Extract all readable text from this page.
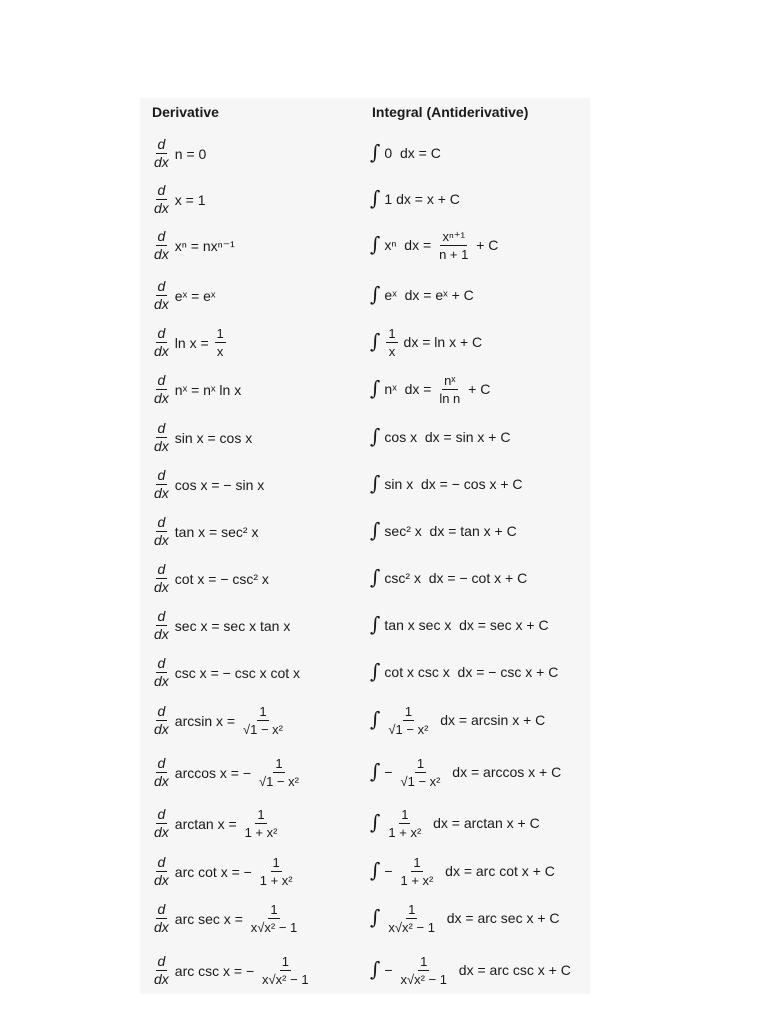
Derivative	Integral (Antiderivative)
$\frac{d}{dx}$ n = 0	∫ 0  dx = C
$\frac{d}{dx}$ x = 1	∫ 1 dx = x + C
$\frac{d}{dx}$ xⁿ = nxⁿ⁻¹	∫ xⁿ  dx = $\frac{\text{xⁿ⁺¹}}{n + 1} + C$
$\frac{d}{dx}$ eˣ = eˣ	∫ eˣ  dx = eˣ + C
$\frac{d}{dx}$ $\ln x = \frac{1}{x}$	∫ $\frac{1}{x}$ dx = ln x + C
$\frac{d}{dx}$ nˣ = nˣ ln x	∫ nˣ  dx = $\frac{\text{nˣ}}{\text{ln n}} + C$
$\frac{d}{dx}$ sin x = cos x	∫ cos x  dx = sin x + C
$\frac{d}{dx}$ cos x = − sin x	∫ sin x  dx = − cos x + C
$\frac{d}{dx}$ tan x = sec² x	∫ sec² x  dx = tan x + C
$\frac{d}{dx}$ cot x = − csc² x	∫ csc² x  dx = − cot x + C
$\frac{d}{dx}$ sec x = sec x tan x	∫ tan x sec x  dx = sec x + C
$\frac{d}{dx}$ csc x = − csc x cot x	∫ cot x csc x  dx = − csc x + C
$\frac{d}{dx}$ $\arcsin x = \frac{1}{\text{√1 − x²}}$	∫ $\frac{1}{\text{√1 − x²}}$ dx = arcsin x + C
$\frac{d}{dx}$ arccos x = − $\frac{1}{\text{√1 − x²}}$	∫ − $\frac{1}{\text{√1 − x²}}$ dx = arccos x + C
$\frac{d}{dx}$ $\arctan x = \frac{1}{\text{1 + x²}}$	∫ $\frac{1}{\text{1 + x²}}$ dx = arctan x + C
$\frac{d}{dx}$ arc cot x = − $\frac{1}{\text{1 + x²}}$	∫ − $\frac{1}{\text{1 + x²}}$ dx = arc cot x + C
$\frac{d}{dx}$ arc $\sec x = \frac{1}{\text{x√x² − 1}}$	∫ $\frac{1}{\text{x√x² − 1}}$ dx = arc sec x + C
$\frac{d}{dx}$ arc csc x = − $\frac{1}{\text{x√x² − 1}}$	∫ − $\frac{1}{\text{x√x² − 1}}$ dx = arc csc x + C
